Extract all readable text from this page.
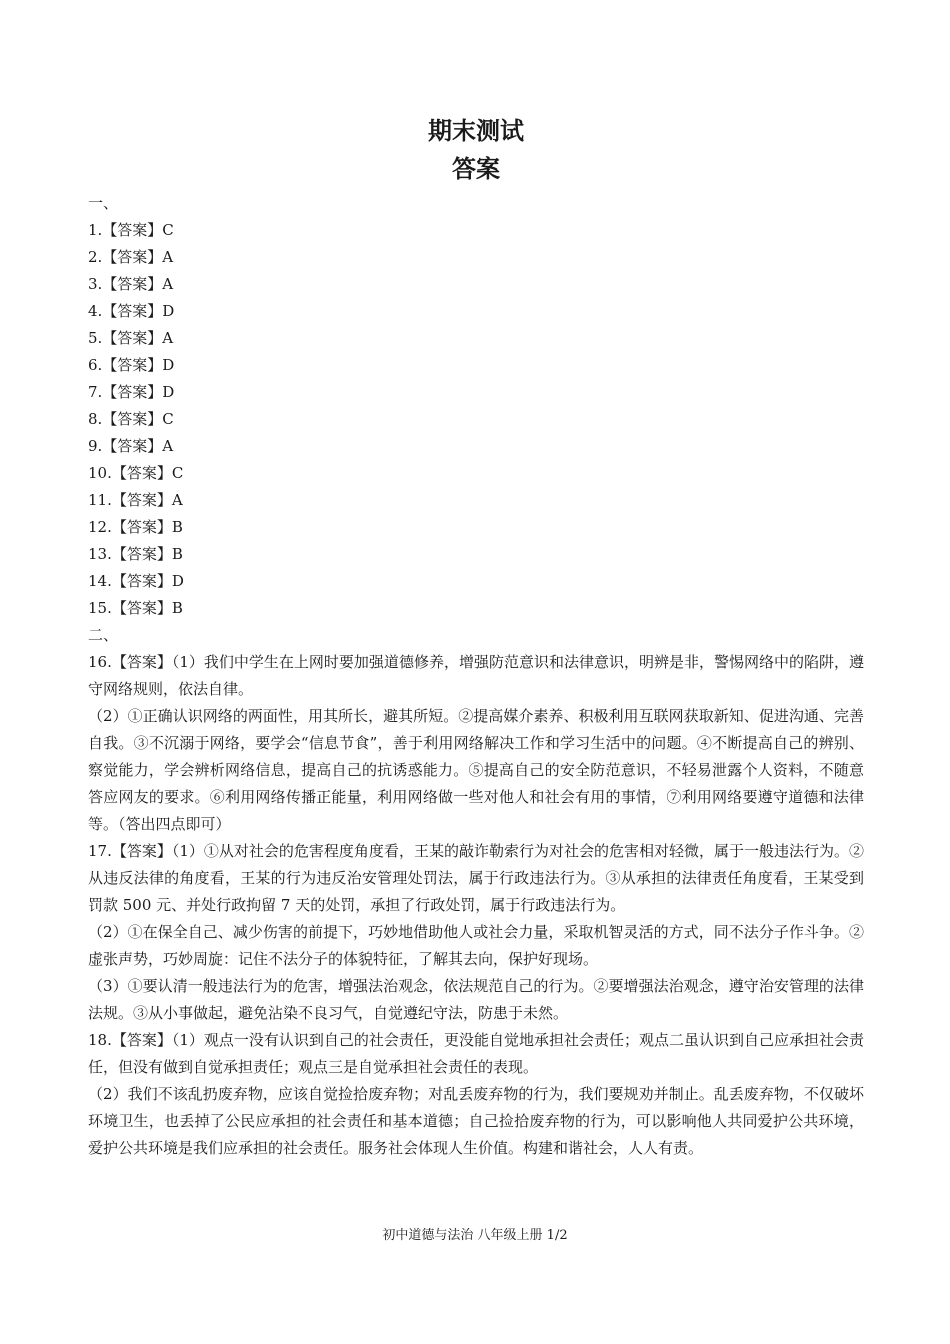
期末测试
答案

一、

1.【答案】C

2.【答案】A

3.【答案】A

4.【答案】D

5.【答案】A

6.【答案】D

7.【答案】D

8.【答案】C

9.【答案】A

10.【答案】C

11.【答案】A

12.【答案】B

13.【答案】B

14.【答案】D

15.【答案】B

二、

16.【答案】（1）我们中学生在上网时要加强道德修养，增强防范意识和法律意识，明辨是非，警惕网络中的陷阱，遵守网络规则，依法自律。

（2）①正确认识网络的两面性，用其所长，避其所短。②提高媒介素养、积极利用互联网获取新知、促进沟通、完善自我。③不沉溺于网络，要学会“信息节食”，善于利用网络解决工作和学习生活中的问题。④不断提高自己的辨别、察觉能力，学会辨析网络信息，提高自己的抗诱惑能力。⑤提高自己的安全防范意识，不轻易泄露个人资料，不随意答应网友的要求。⑥利用网络传播正能量，利用网络做一些对他人和社会有用的事情，⑦利用网络要遵守道德和法律等。（答出四点即可）

17.【答案】（1）①从对社会的危害程度角度看，王某的敲诈勒索行为对社会的危害相对轻微，属于一般违法行为。②从违反法律的角度看，王某的行为违反治安管理处罚法，属于行政违法行为。③从承担的法律责任角度看，王某受到罚款 500 元、并处行政拘留 7 天的处罚，承担了行政处罚，属于行政违法行为。

（2）①在保全自己、减少伤害的前提下，巧妙地借助他人或社会力量，采取机智灵活的方式，同不法分子作斗争。②虚张声势，巧妙周旋：记住不法分子的体貌特征，了解其去向，保护好现场。

（3）①要认清一般违法行为的危害，增强法治观念，依法规范自己的行为。②要增强法治观念，遵守治安管理的法律法规。③从小事做起，避免沾染不良习气，自觉遵纪守法，防患于未然。

18.【答案】（1）观点一没有认识到自己的社会责任，更没能自觉地承担社会责任；观点二虽认识到自己应承担社会责任，但没有做到自觉承担责任；观点三是自觉承担社会责任的表现。

（2）我们不该乱扔废弃物，应该自觉捡拾废弃物；对乱丢废弃物的行为，我们要规劝并制止。乱丢废弃物，不仅破坏环境卫生，也丢掉了公民应承担的社会责任和基本道德；自己捡拾废弃物的行为，可以影响他人共同爱护公共环境，爱护公共环境是我们应承担的社会责任。服务社会体现人生价值。构建和谐社会，人人有责。

初中道德与法治 八年级上册 1/2
